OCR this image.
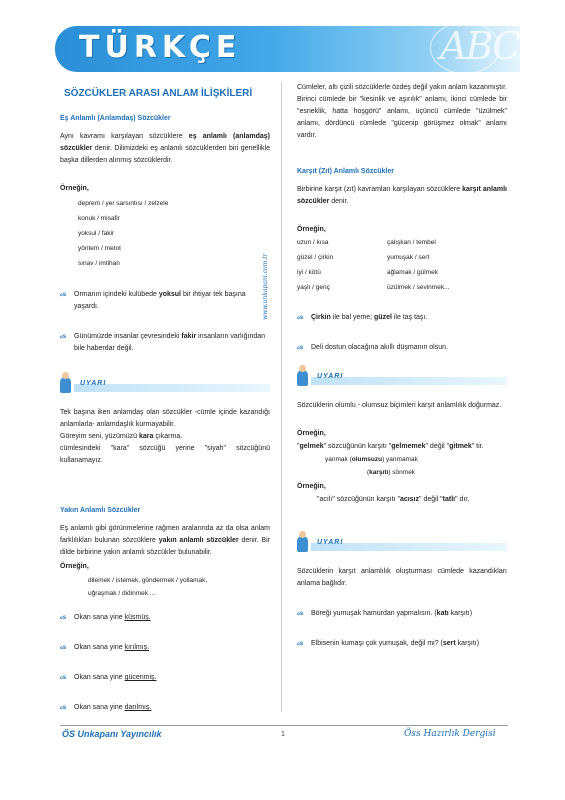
ABC
TÜRKÇE
www.unkapani.com.tr
SÖZCÜKLER ARASI ANLAM İLİŞKİLERİ
Eş Anlamlı (Anlamdaş) Sözcükler

Aynı kavramı karşılayan sözcüklere eş anlamlı (anlamdaş) sözcükler denir. Dilimizdeki eş anlamlı sözcüklerden biri genellikle başka dillerden alınmış sözcüklerdir.

Örneğin,
deprem / yer sarsıntısı / zelzele
konuk / misafir
yoksul / fakir
yöntem / metot
sınav / imtihan
ℴs	Ormanın içindeki kulübede yoksul bir ihtiyar tek başına yaşardı.
ℴs	Günümüzde insanlar çevresindeki fakir insanların varlığından bile haberdar değil.
UYARI

Tek başına iken anlamdaş olan sözcükler -cümle içinde kazandığı anlamlarla- anlamdaşlık kurmayabilir.

Göreyim seni, yüzümüzü kara çıkarma.

cümlesindeki "kara" sözcüğü yerine "siyah" sözcüğünü kullanamayız.

Yakın Anlamlı Sözcükler

Eş anlamlı gibi görünmelerine rağmen aralarında az da olsa anlam farklılıkları bulunan sözcüklere yakın anlamlı sözcükler denir. Bir dilde birbirine yakın anlamlı sözcükler bulunabilir.

Örneğin,
dilemek / istemek, göndermek / yollamak,
uğraşmak / didinmek ...
ℴs	Okan sana yine küsmüş.
ℴs	Okan sana yine kırılmış.
ℴs	Okan sana yine gücenmiş.
ℴs	Okan sana yine darılmış.

Cümleler, altı çizili sözcüklerle özdeş değil yakın anlam kazanmıştır. Birinci cümlede bir "kesinlik ve aşırılık" anlamı, ikinci cümlede bir "esneklik, hatta hoşgörü" anlamı, üçüncü cümlede "üzülmek" anlamı, dördüncü cümlede "gücenip görüşmez olmak" anlamı vardır.

Karşıt (Zıt) Anlamlı Sözcükler

Birbirine karşıt (zıt) kavramları karşılayan sözcüklere karşıt anlamlı sözcükler denir.

Örneğin,
uzun / kısa	çalışkan / tembel
güzel / çirkin	yumuşak / sert
iyi / kötü	ağlamak / gülmek
yaşlı / genç	üzülmek / sevinmek...
ℴs	Çirkin ile bal yeme; güzel ile taş taşı.
ℴs	Deli dostun olacağına akıllı düşmanın olsun.
UYARI

Sözcüklerin olumlu - olumsuz biçimleri karşıt anlamlılık doğurmaz.

Örneğin,

"gelmek" sözcüğünün karşıtı "gelmemek" değil "gitmek" tir.

yanmak (olumsuzu) yanmamak
(karşıtı) sönmek
Örneğin,

"acılı" sözcüğünün karşıtı "acısız" değil "tatlı" dır.

UYARI

Sözcüklerin karşıt anlamlılık oluşturması cümlede kazandıkları anlama bağlıdır.

ℴs	Böreği yumuşak hamurdan yapmalısın. (katı karşıtı)
ℴs	Elbisenin kumaşı çok yumuşak, değil mi? (sert karşıtı)
ÖS Unkapanı Yayıncılık	1	Öss Hazırlık Dergisi
